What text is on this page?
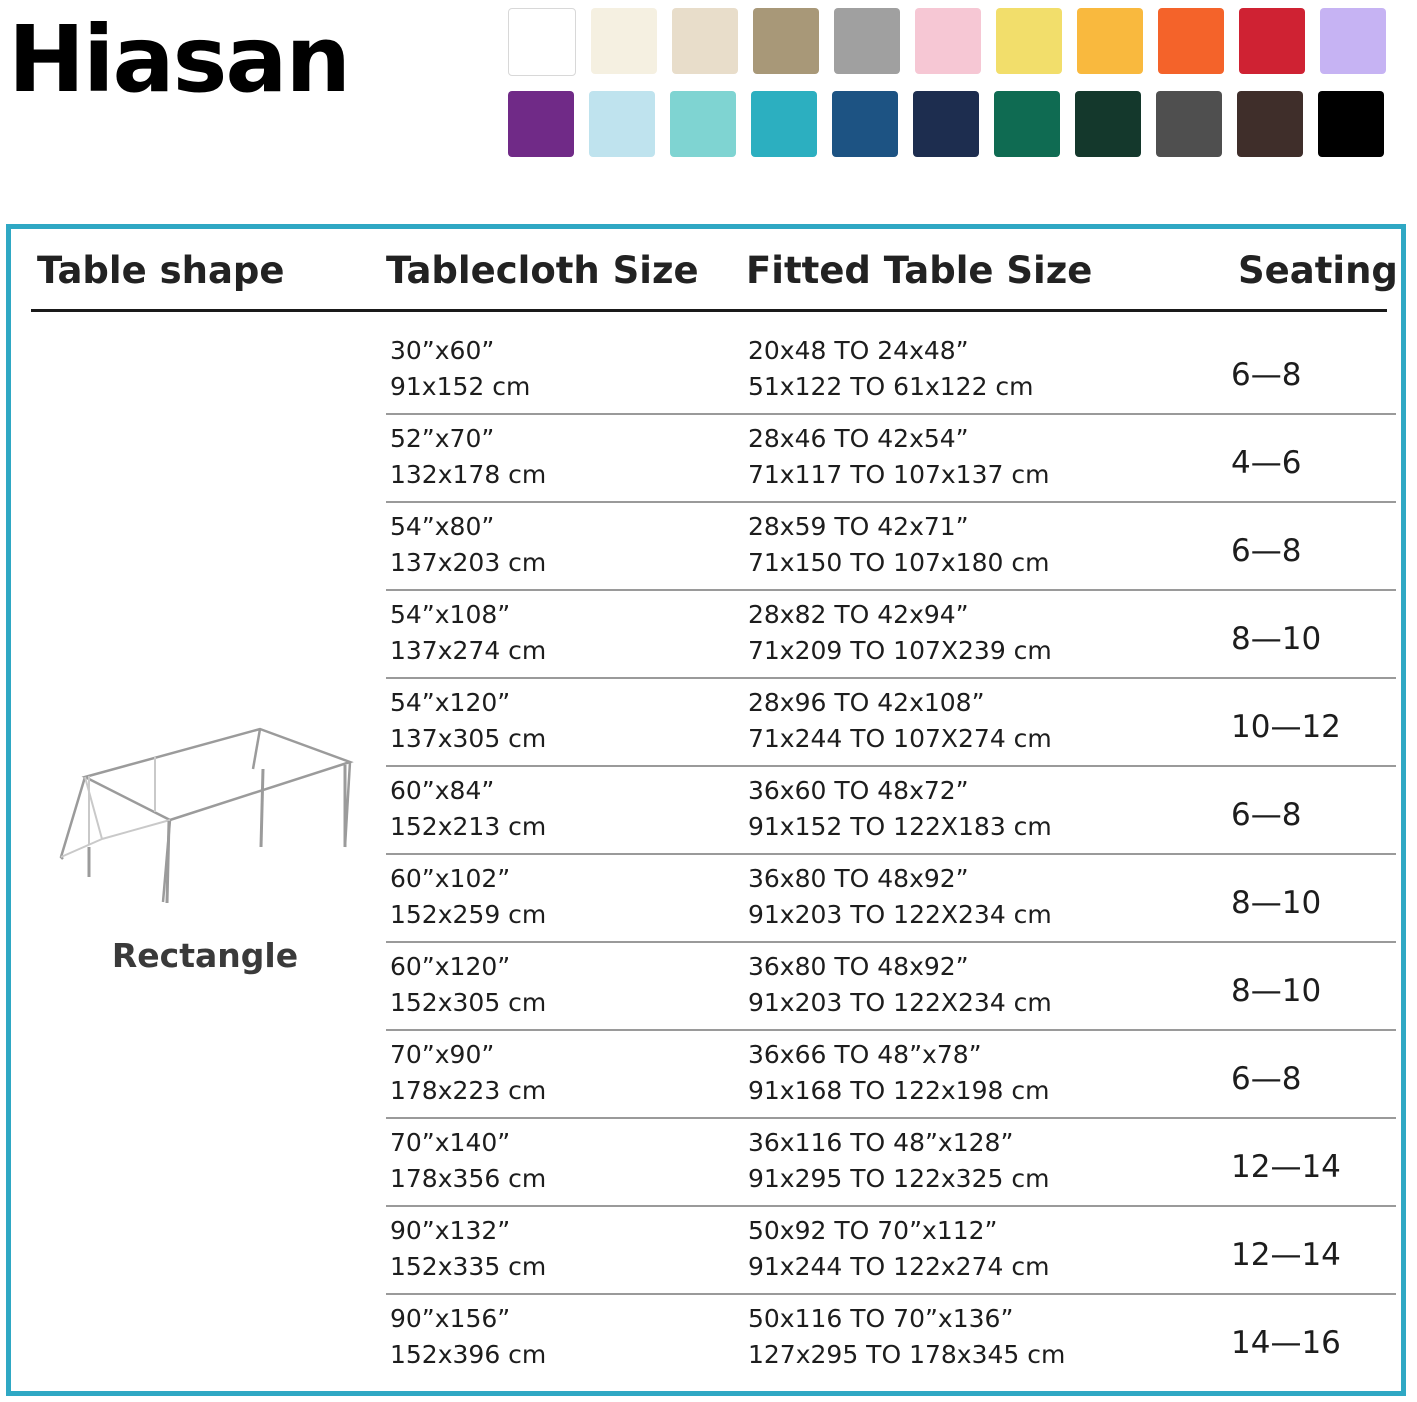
Hiasan
Table shape	Tablecloth Size Fitted Table Size	Seating
Rectangle
30”x60”
91x152 cm
20x48 TO 24x48”
51x122 TO 61x122 cm	6—8
52”x70”
132x178 cm
28x46 TO 42x54”
71x117 TO 107x137 cm	4—6
54”x80”
137x203 cm
28x59 TO 42x71”
71x150 TO 107x180 cm	6—8
54”x108”
137x274 cm
28x82 TO 42x94”
71x209 TO 107X239 cm	8—10
54”x120”
137x305 cm
28x96 TO 42x108”
71x244 TO 107X274 cm	10—12
60”x84”
152x213 cm
36x60 TO 48x72”
91x152 TO 122X183 cm	6—8
60”x102”
152x259 cm
36x80 TO 48x92”
91x203 TO 122X234 cm	8—10
60”x120”
152x305 cm
36x80 TO 48x92”
91x203 TO 122X234 cm	8—10
70”x90”
178x223 cm
36x66 TO 48”x78”
91x168 TO 122x198 cm	6—8
70”x140”
178x356 cm
36x116 TO 48”x128”
91x295 TO 122x325 cm	12—14
90”x132”
152x335 cm
50x92 TO 70”x112”
91x244 TO 122x274 cm	12—14
90”x156”
152x396 cm
50x116 TO 70”x136”
127x295 TO 178x345 cm	14—16
